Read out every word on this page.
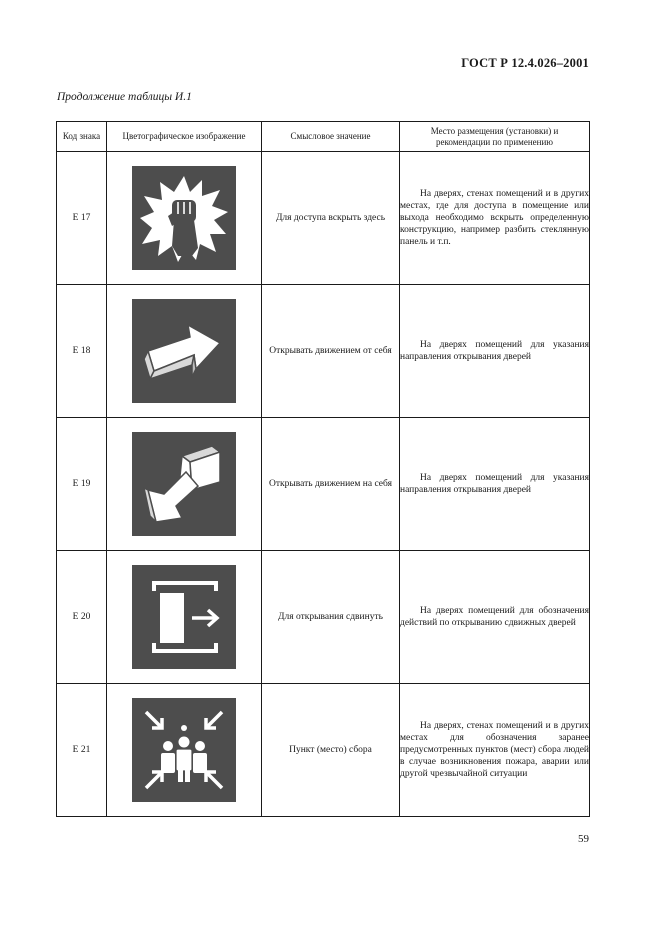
ГОСТ Р 12.4.026–2001
Продолжение таблицы И.1
Код знака	Цветографическое изображение	Смысловое значение	Место размещения (установки) и рекомендации по применению
E 17		Для доступа вскрыть здесь	На дверях, стенах помещений и в других местах, где для доступа в помещение или выхода необходимо вскрыть определенную конструкцию, например разбить стеклянную панель и т.п.

E 18		Открывать движением от себя	На дверях помещений для указания направления открывания дверей

E 19		Открывать движением на себя	На дверях помещений для указания направления открывания дверей

E 20		Для открывания сдвинуть	На дверях помещений для обозначения действий по открыванию сдвижных дверей

E 21		Пункт (место) сбора	На дверях, стенах помещений и в других местах для обозначения заранее предусмотренных пунктов (мест) сбора людей в случае возникновения пожара, аварии или другой чрезвычайной ситуации
59
